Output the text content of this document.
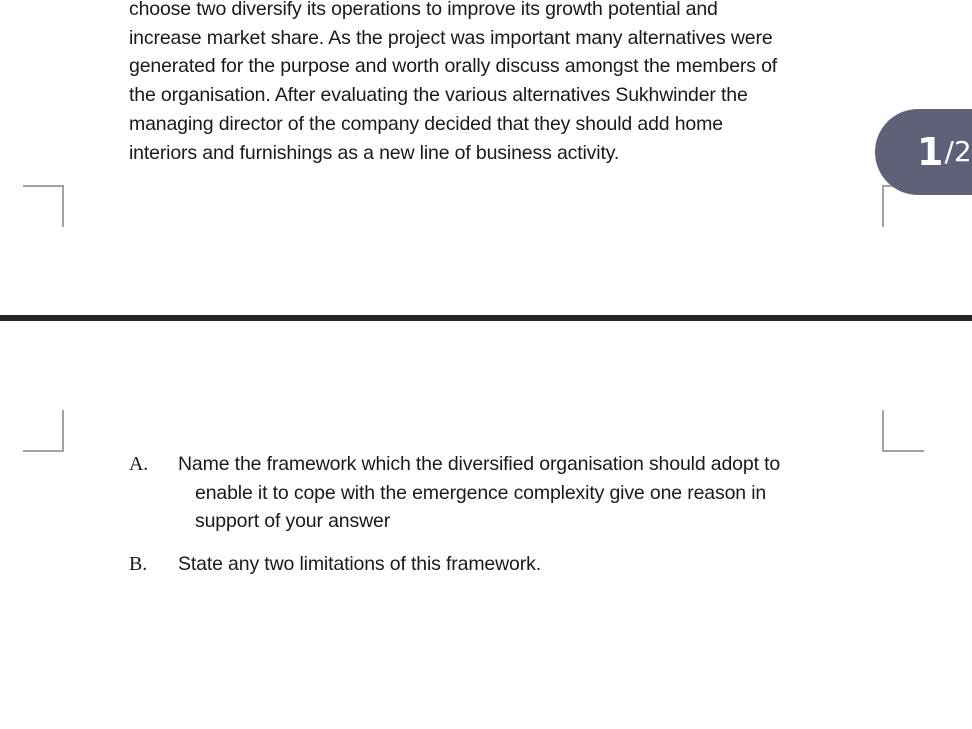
choose two diversify its operations to improve its growth potential and
increase market share. As the project was important many alternatives were
generated for the purpose and worth orally discuss amongst the members of
the organisation. After evaluating the various alternatives Sukhwinder the
managing director of the company decided that they should add home
interiors and furnishings as a new line of business activity.

A. Name the framework which the diversified organisation should adopt to
enable it to cope with the emergence complexity give one reason in
support of your answer
B. State any two limitations of this framework.
1 / 2
